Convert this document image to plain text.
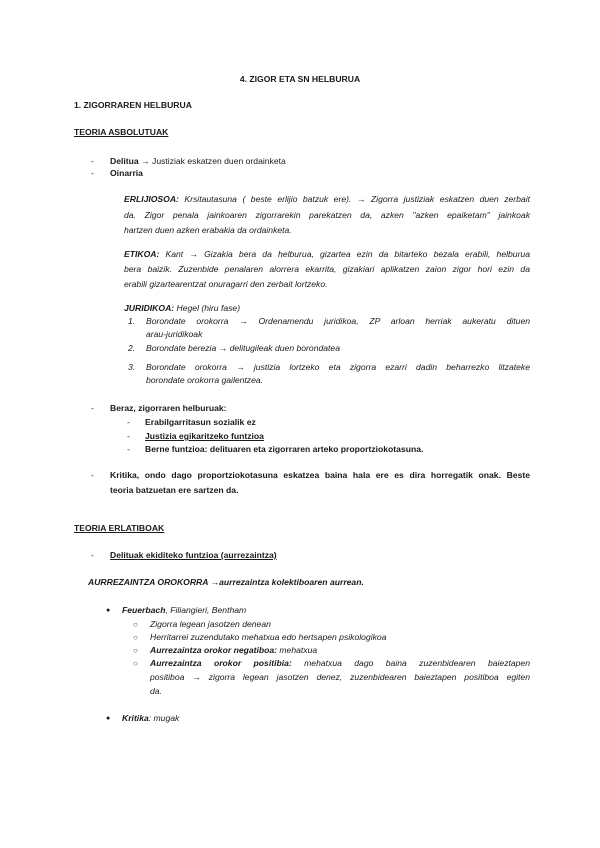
4. ZIGOR ETA SN HELBURUA
1. ZIGORRAREN HELBURUA
TEORIA ASBOLUTUAK
- Delitua → Justiziak eskatzen duen ordainketa
- Oinarria
ERLIJIOSOA: Krsitautasuna ( beste erlijio batzuk ere). → Zigorra justiziak eskatzen duen zerbait
da. Zigor penala jainkoaren zigorrarekin parekatzen da, azken "azken epaiketam" jainkoak
hartzen duen azken erabakia da ordainketa.
ETIKOA: Kant → Gizakia bera da helburua, gizartea ezin da bitarteko bezala erabili, helburua
bera baizik. Zuzenbide penalaren alorrera ekarrita, gizakiari aplikatzen zaion zigor hori ezin da
erabili gizartearentzat onuragarri den zerbait lortzeko.
JURIDIKOA: Hegel (hiru fase)
1. Borondate orokorra → Ordenamendu juridikoa, ZP arloan herriak aukeratu dituen
arau-juridikoak
2. Borondate berezia → delitugileak duen borondatea
3. Borondate orokorra → justizia lortzeko eta zigorra ezarri dadin beharrezko litzateke
borondate orokorra gailentzea.
- Beraz, zigorraren helburuak:
- Erabilgarritasun sozialik ez
- Justizia egikaritzeko funtzioa
- Berne funtzioa: delituaren eta zigorraren arteko proportziokotasuna.
- Kritika, ondo dago proportziokotasuna eskatzea baina hala ere es dira horregatik onak. Beste
teoria batzuetan ere sartzen da.
TEORIA ERLATIBOAK
- Delituak ekiditeko funtzioa (aurrezaintza)
AURREZAINTZA OROKORRA →aurrezaintza kolektiboaren aurrean.
● Feuerbach, Filiangieri, Bentham
○ Zigorra legean jasotzen denean
○ Herritarrei zuzendutako mehatxua edo hertsapen psikologikoa
○ Aurrezaintza orokor negatiboa: mehatxua
○ Aurrezaintza orokor positibia: mehatxua dago baina zuzenbidearen baieztapen
positiboa → zigorra legean jasotzen denez, zuzenbidearen baieztapen positiboa egiten
da.
● Kritika: mugak
